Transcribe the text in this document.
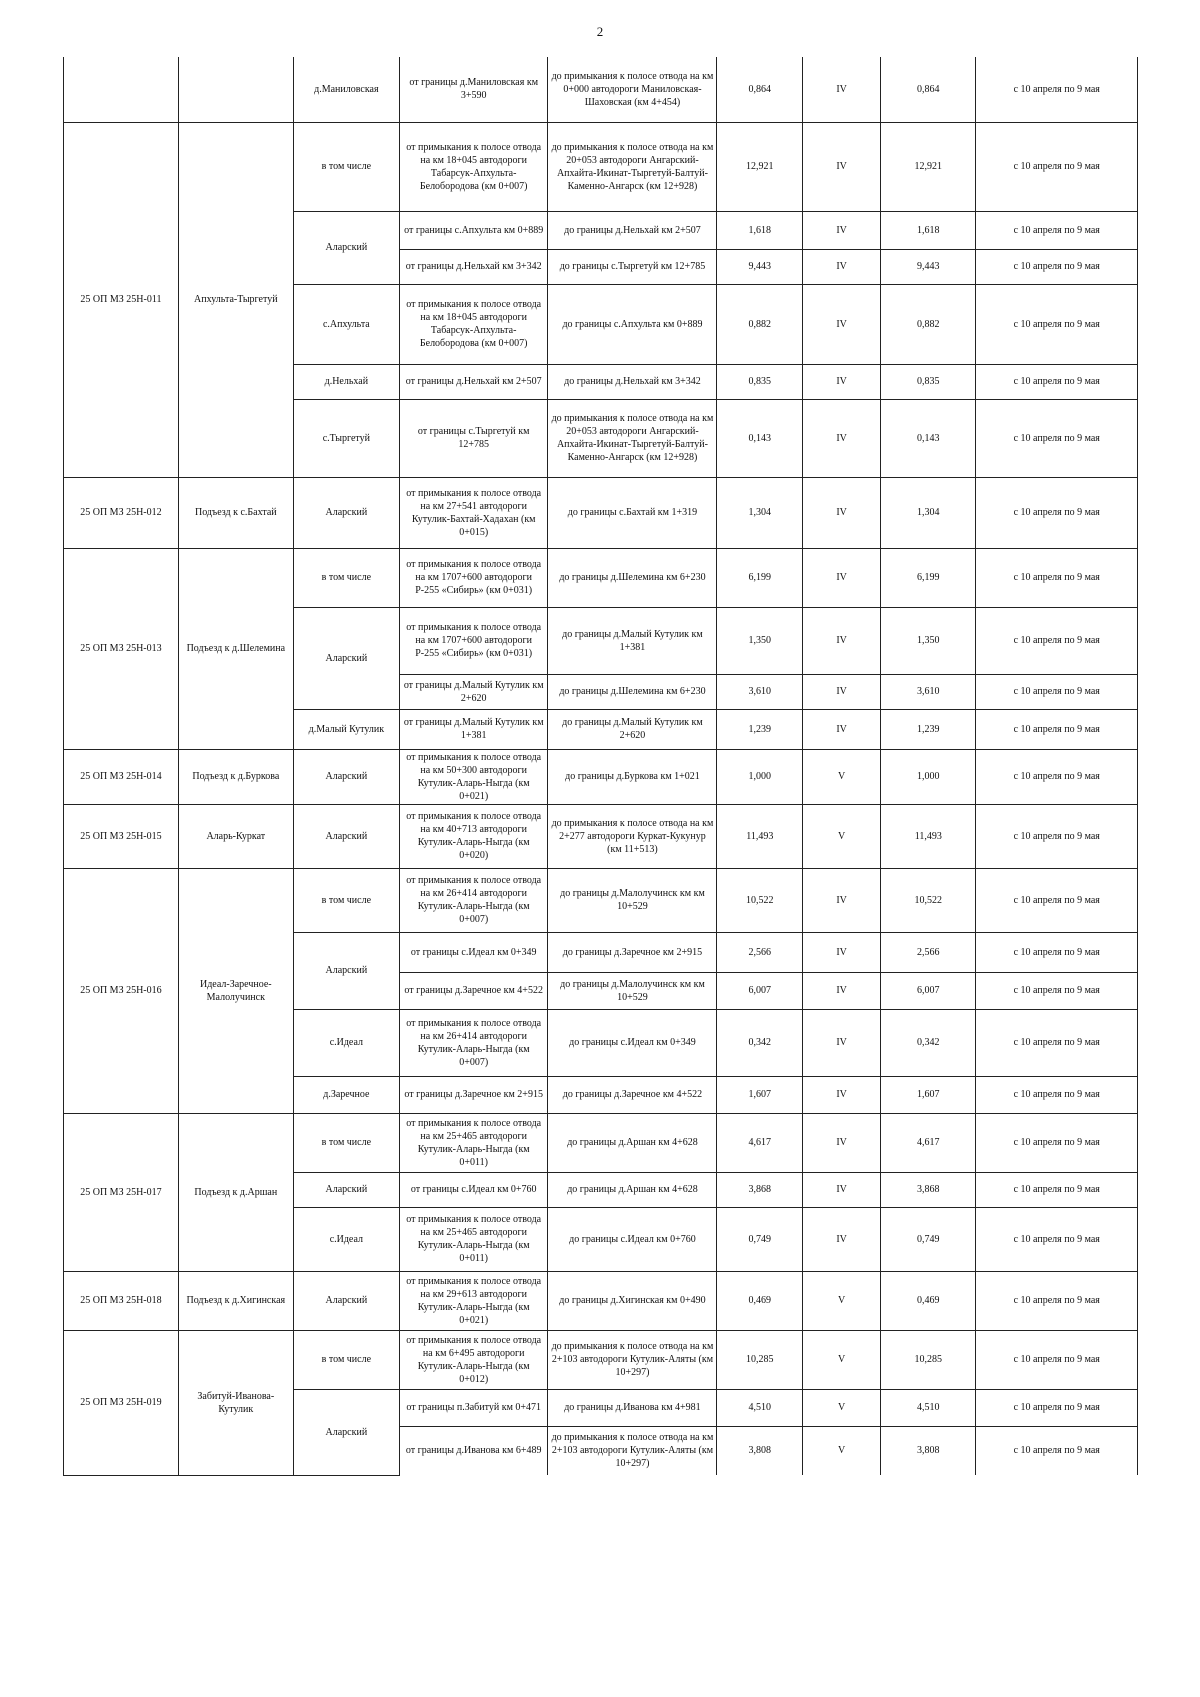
2
		д.Маниловская	от границы д.Маниловская км 3+590	до примыкания к полосе отвода на км 0+000 автодороги Маниловская-Шаховская (км 4+454)	0,864	IV	0,864	с 10 апреля по 9 мая
25 ОП МЗ 25Н-011	Апхульта-Тыргетуй	в том числе	от примыкания к полосе отвода на км 18+045 автодороги Табарсук-Апхульта-Белобородова (км 0+007)	до примыкания к полосе отвода на км 20+053 автодороги Ангарский-Апхайта-Икинат-Тыргетуй-Балтуй-Каменно-Ангарск (км 12+928)	12,921	IV	12,921	с 10 апреля по 9 мая
		Аларский	от границы с.Апхульта км 0+889	до границы д.Нельхай км 2+507	1,618	IV	1,618	с 10 апреля по 9 мая
			от границы д.Нельхай км 3+342	до границы с.Тыргетуй км 12+785	9,443	IV	9,443	с 10 апреля по 9 мая
		с.Апхульта	от примыкания к полосе отвода на км 18+045 автодороги Табарсук-Апхульта-Белобородова (км 0+007)	до границы с.Апхульта км 0+889	0,882	IV	0,882	с 10 апреля по 9 мая
		д.Нельхай	от границы д.Нельхай км 2+507	до границы д.Нельхай км 3+342	0,835	IV	0,835	с 10 апреля по 9 мая
		с.Тыргетуй	от границы с.Тыргетуй км 12+785	до примыкания к полосе отвода на км 20+053 автодороги Ангарский-Апхайта-Икинат-Тыргетуй-Балтуй-Каменно-Ангарск (км 12+928)	0,143	IV	0,143	с 10 апреля по 9 мая
25 ОП МЗ 25Н-012	Подъезд к с.Бахтай	Аларский	от примыкания к полосе отвода на км 27+541 автодороги Кутулик-Бахтай-Хадахан (км 0+015)	до границы с.Бахтай км 1+319	1,304	IV	1,304	с 10 апреля по 9 мая
25 ОП МЗ 25Н-013	Подъезд к д.Шелемина	в том числе	от примыкания к полосе отвода на км 1707+600 автодороги Р-255 «Сибирь» (км 0+031)	до границы д.Шелемина км 6+230	6,199	IV	6,199	с 10 апреля по 9 мая
		Аларский	от примыкания к полосе отвода на км 1707+600 автодороги Р-255 «Сибирь» (км 0+031)	до границы д.Малый Кутулик км 1+381	1,350	IV	1,350	с 10 апреля по 9 мая
			от границы д.Малый Кутулик км 2+620	до границы д.Шелемина км 6+230	3,610	IV	3,610	с 10 апреля по 9 мая
		д.Малый Кутулик	от границы д.Малый Кутулик км 1+381	до границы д.Малый Кутулик км 2+620	1,239	IV	1,239	с 10 апреля по 9 мая
25 ОП МЗ 25Н-014	Подъезд к д.Буркова	Аларский	от примыкания к полосе отвода на км 50+300 автодороги Кутулик-Аларь-Ныгда (км 0+021)	до границы д.Буркова км 1+021	1,000	V	1,000	с 10 апреля по 9 мая
25 ОП МЗ 25Н-015	Аларь-Куркат	Аларский	от примыкания к полосе отвода на км 40+713 автодороги Кутулик-Аларь-Ныгда (км 0+020)	до примыкания к полосе отвода на км 2+277 автодороги Куркат-Кукунур (км 11+513)	11,493	V	11,493	с 10 апреля по 9 мая
25 ОП МЗ 25Н-016	Идеал-Заречное-Малолучинск	в том числе	от примыкания к полосе отвода на км 26+414 автодороги Кутулик-Аларь-Ныгда (км 0+007)	до границы д.Малолучинск км км 10+529	10,522	IV	10,522	с 10 апреля по 9 мая
		Аларский	от границы с.Идеал км 0+349	до границы д.Заречное км 2+915	2,566	IV	2,566	с 10 апреля по 9 мая
			от границы д.Заречное км 4+522	до границы д.Малолучинск км км 10+529	6,007	IV	6,007	с 10 апреля по 9 мая
		с.Идеал	от примыкания к полосе отвода на км 26+414 автодороги Кутулик-Аларь-Ныгда (км 0+007)	до границы с.Идеал км 0+349	0,342	IV	0,342	с 10 апреля по 9 мая
		д.Заречное	от границы д.Заречное км 2+915	до границы д.Заречное км 4+522	1,607	IV	1,607	с 10 апреля по 9 мая
25 ОП МЗ 25Н-017	Подъезд к д.Аршан	в том числе	от примыкания к полосе отвода на км 25+465 автодороги Кутулик-Аларь-Ныгда (км 0+011)	до границы д.Аршан км 4+628	4,617	IV	4,617	с 10 апреля по 9 мая
		Аларский	от границы с.Идеал км 0+760	до границы д.Аршан км 4+628	3,868	IV	3,868	с 10 апреля по 9 мая
		с.Идеал	от примыкания к полосе отвода на км 25+465 автодороги Кутулик-Аларь-Ныгда (км 0+011)	до границы с.Идеал км 0+760	0,749	IV	0,749	с 10 апреля по 9 мая
25 ОП МЗ 25Н-018	Подъезд к д.Хигинская	Аларский	от примыкания к полосе отвода на км 29+613 автодороги Кутулик-Аларь-Ныгда (км 0+021)	до границы д.Хигинская км 0+490	0,469	V	0,469	с 10 апреля по 9 мая
25 ОП МЗ 25Н-019	Забитуй-Иванова-Кутулик	в том числе	от примыкания к полосе отвода на км 6+495 автодороги Кутулик-Аларь-Ныгда (км 0+012)	до примыкания к полосе отвода на км 2+103 автодороги Кутулик-Аляты (км 10+297)	10,285	V	10,285	с 10 апреля по 9 мая
		Аларский	от границы п.Забитуй км 0+471	до границы д.Иванова км 4+981	4,510	V	4,510	с 10 апреля по 9 мая
			от границы д.Иванова км 6+489	до примыкания к полосе отвода на км 2+103 автодороги Кутулик-Аляты (км 10+297)	3,808	V	3,808	с 10 апреля по 9 мая
